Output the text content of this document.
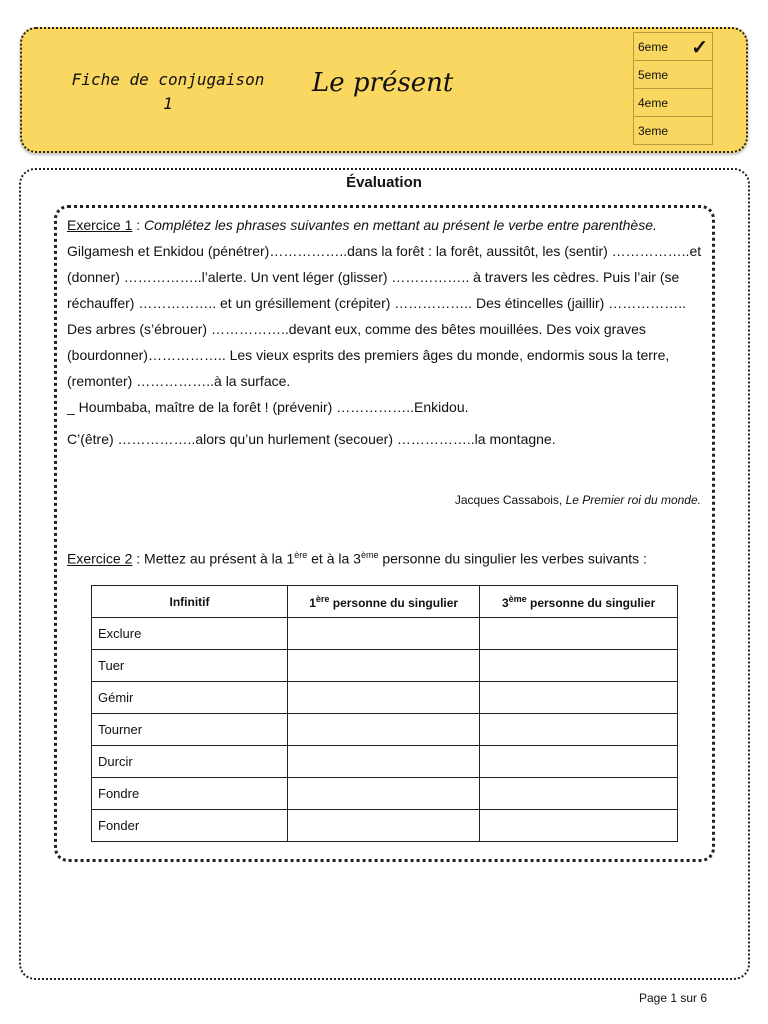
Fiche de conjugaison
1
Le présent
6eme ✓

5eme
4eme
3eme
Évaluation

Exercice 1 : Complétez les phrases suivantes en mettant au présent le verbe entre parenthèse.

Gilgamesh et Enkidou (pénétrer)……………..dans la forêt : la forêt, aussitôt, les (sentir) ……………..et (donner) ……………..l’alerte. Un vent léger (glisser) …………….. à travers les cèdres. Puis l’air (se réchauffer) …………….. et un grésillement (crépiter) …………….. Des étincelles (jaillir) …………….. Des arbres (s’ébrouer) ……………..devant eux, comme des bêtes mouillées. Des voix graves (bourdonner)…………….. Les vieux esprits des premiers âges du monde, endormis sous la terre, (remonter) ……………..à la surface.

_ Houmbaba, maître de la forêt ! (prévenir) ……………..Enkidou.

C’(être) ……………..alors qu’un hurlement (secouer) ……………..la montagne.

Jacques Cassabois, Le Premier roi du monde.
Exercice 2 : Mettez au présent à la 1ère et à la 3ème personne du singulier les verbes suivants :
Infinitif	1ère personne du singulier	3ème personne du singulier
Exclure		
Tuer		
Gémir		
Tourner		
Durcir		
Fondre		
Fonder		
Page 1 sur 6
